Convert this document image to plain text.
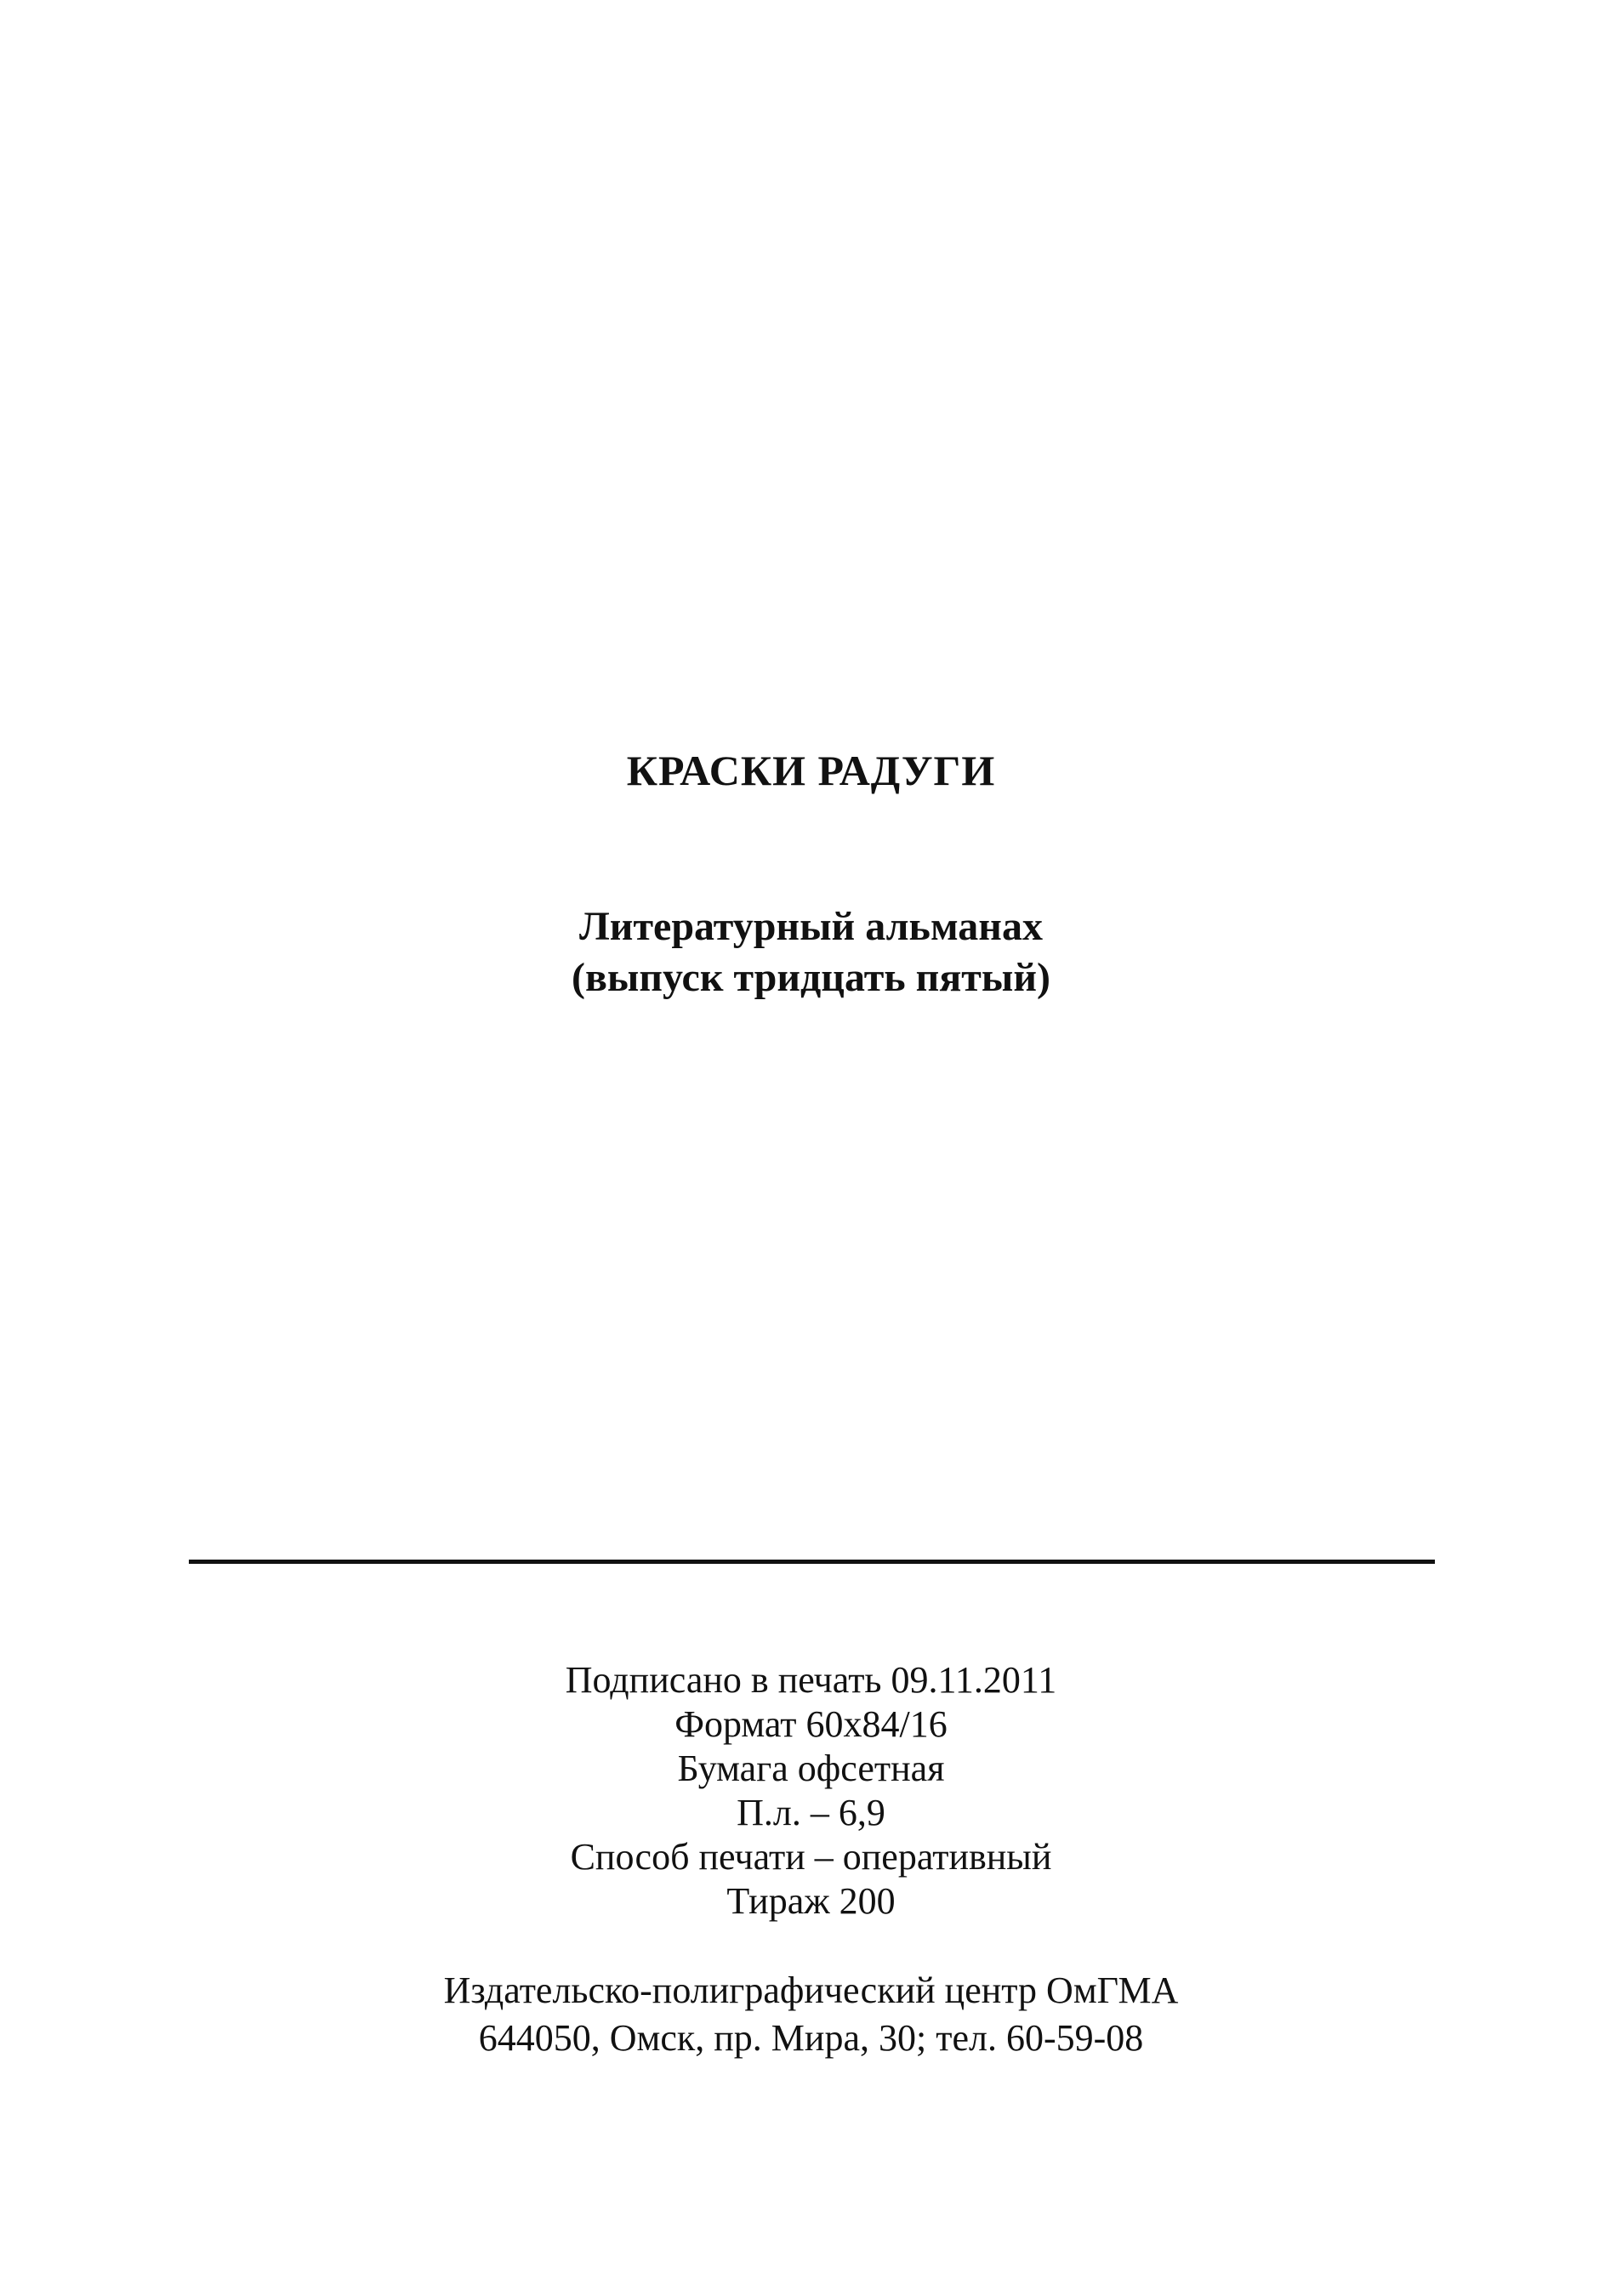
КРАСКИ РАДУГИ
Литературный альманах
(выпуск тридцать пятый)
Подписано в печать 09.11.2011
Формат 60х84/16
Бумага офсетная
П.л. – 6,9
Способ печати – оперативный
Тираж 200
Издательско-полиграфический центр ОмГМА
644050, Омск, пр. Мира, 30; тел. 60-59-08
